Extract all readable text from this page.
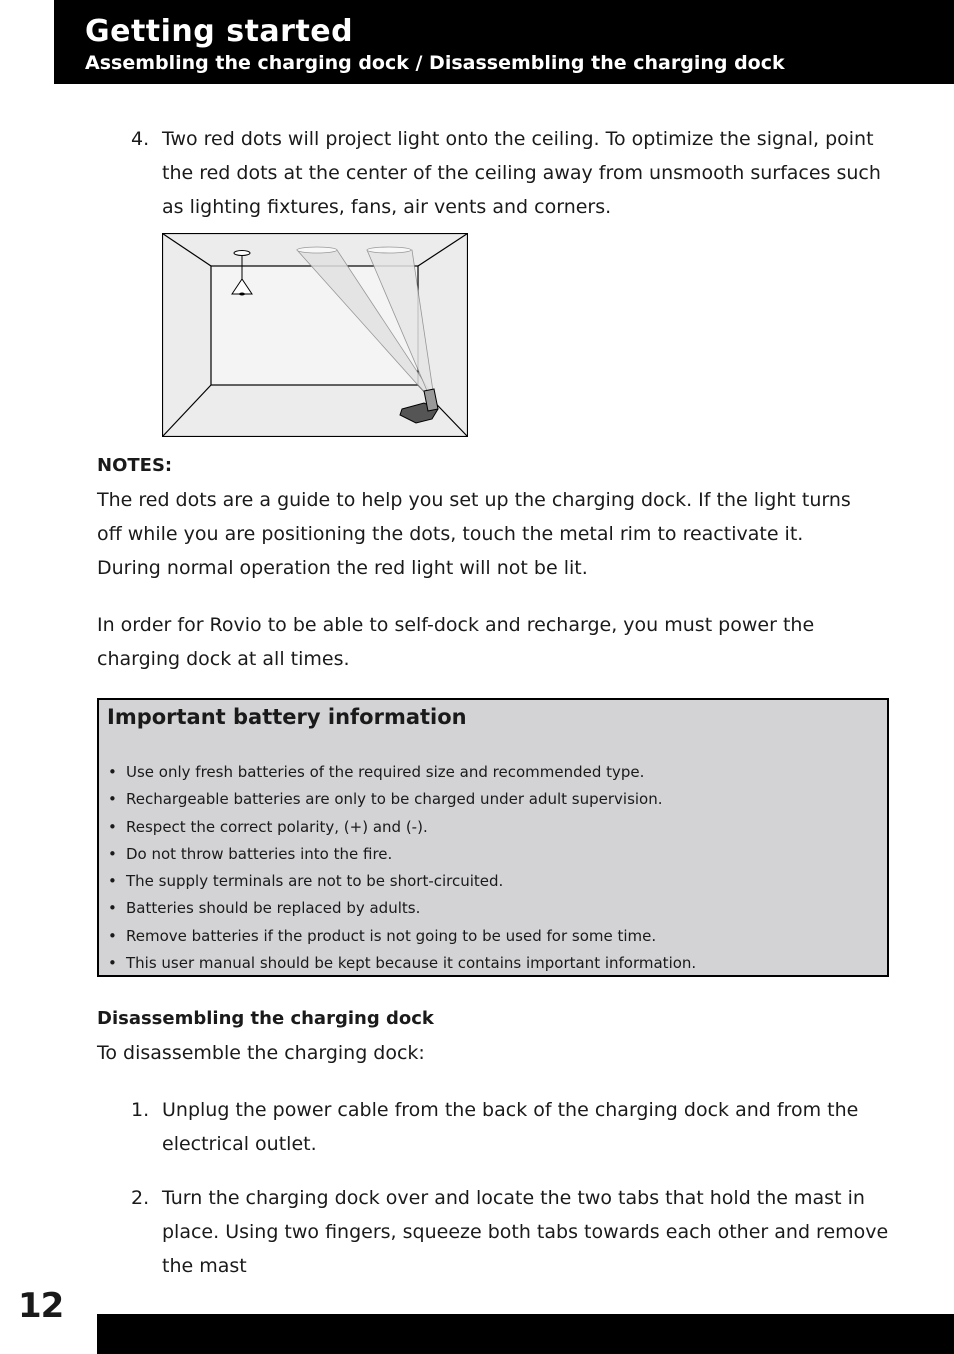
Getting started
Assembling the charging dock / Disassembling the charging dock
4. Two red dots will project light onto the ceiling. To optimize the signal, point the red dots at the center of the ceiling away from unsmooth surfaces such as lighting fixtures, fans, air vents and corners.
NOTES:
The red dots are a guide to help you set up the charging dock. If the light turns off while you are positioning the dots, touch the metal rim to reactivate it. During normal operation the red light will not be lit.
In order for Rovio to be able to self-dock and recharge, you must power the charging dock at all times.
Important battery information
• Use only fresh batteries of the required size and recommended type.
• Rechargeable batteries are only to be charged under adult supervision.
• Respect the correct polarity, (+) and (-).
• Do not throw batteries into the fire.
• The supply terminals are not to be short-circuited.
• Batteries should be replaced by adults.
• Remove batteries if the product is not going to be used for some time.
• This user manual should be kept because it contains important information.
Disassembling the charging dock
To disassemble the charging dock:
1. Unplug the power cable from the back of the charging dock and from the electrical outlet.
2. Turn the charging dock over and locate the two tabs that hold the mast in place. Using two fingers, squeeze both tabs towards each other and remove the mast
12
